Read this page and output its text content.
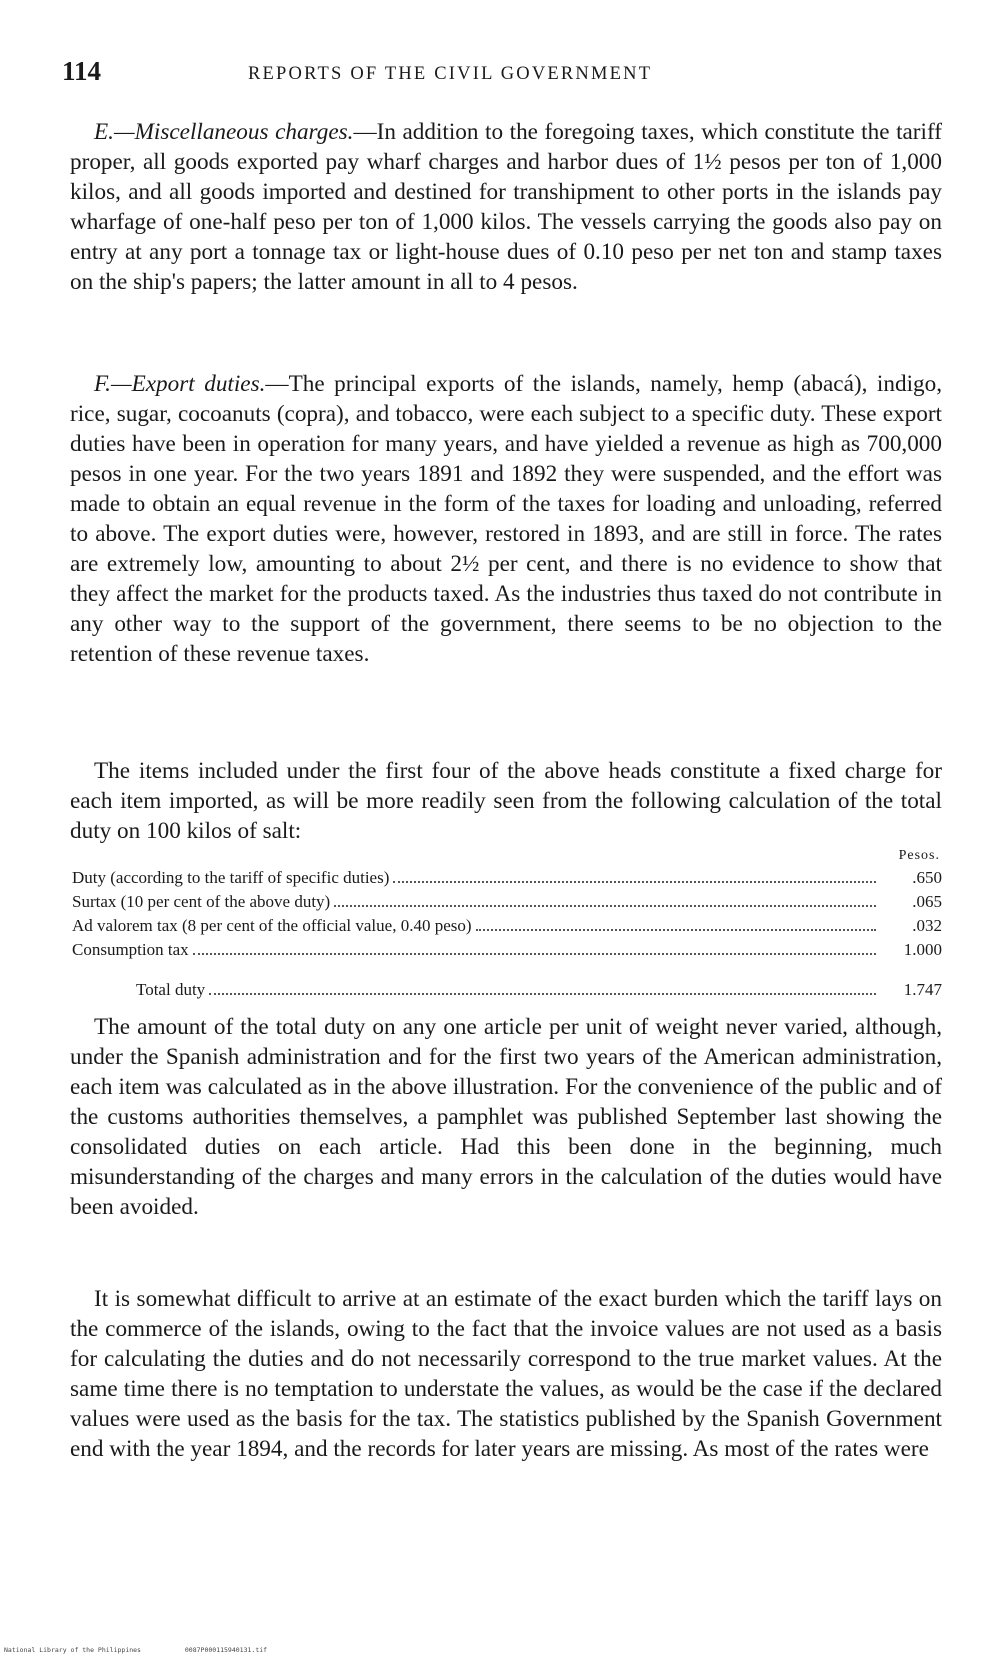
114	REPORTS OF THE CIVIL GOVERNMENT

E.—Miscellaneous charges.—In addition to the foregoing taxes, which constitute the tariff proper, all goods exported pay wharf charges and harbor dues of 1½ pesos per ton of 1,000 kilos, and all goods imported and destined for transhipment to other ports in the islands pay wharfage of one-half peso per ton of 1,000 kilos. The vessels carrying the goods also pay on entry at any port a tonnage tax or light-house dues of 0.10 peso per net ton and stamp taxes on the ship's papers; the latter amount in all to 4 pesos.

F.—Export duties.—The principal exports of the islands, namely, hemp (abacá), indigo, rice, sugar, cocoanuts (copra), and tobacco, were each subject to a specific duty. These export duties have been in operation for many years, and have yielded a revenue as high as 700,000 pesos in one year. For the two years 1891 and 1892 they were suspended, and the effort was made to obtain an equal revenue in the form of the taxes for loading and unloading, referred to above. The export duties were, however, restored in 1893, and are still in force. The rates are extremely low, amounting to about 2½ per cent, and there is no evidence to show that they affect the market for the products taxed. As the industries thus taxed do not contribute in any other way to the support of the government, there seems to be no objection to the retention of these revenue taxes.

The items included under the first four of the above heads constitute a fixed charge for each item imported, as will be more readily seen from the following calculation of the total duty on 100 kilos of salt:

Pesos.
Duty (according to the tariff of specific duties)	.650
Surtax (10 per cent of the above duty)	.065
Ad valorem tax (8 per cent of the official value, 0.40 peso)	.032
Consumption tax	1.000
Total duty	1.747

The amount of the total duty on any one article per unit of weight never varied, although, under the Spanish administration and for the first two years of the American administration, each item was calculated as in the above illustration. For the convenience of the public and of the customs authorities themselves, a pamphlet was published September last showing the consolidated duties on each article. Had this been done in the beginning, much misunderstanding of the charges and many errors in the calculation of the duties would have been avoided.

It is somewhat difficult to arrive at an estimate of the exact burden which the tariff lays on the commerce of the islands, owing to the fact that the invoice values are not used as a basis for calculating the duties and do not necessarily correspond to the true market values. At the same time there is no temptation to understate the values, as would be the case if the declared values were used as the basis for the tax. The statistics published by the Spanish Government end with the year 1894, and the records for later years are missing. As most of the rates were

National Library of the Philippines	0087P000115940131.tif
